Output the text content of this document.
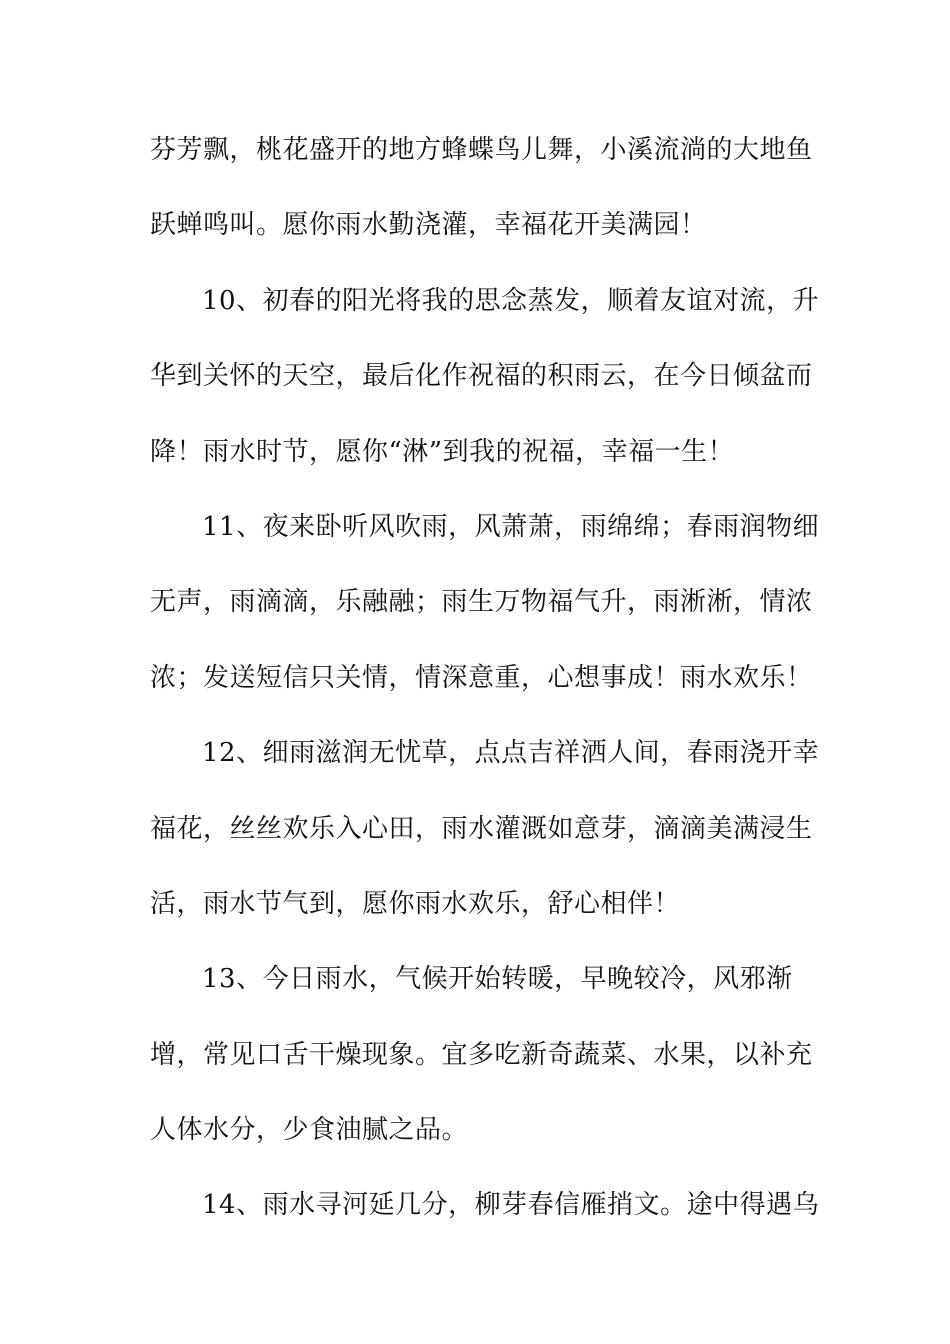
芬芳飘，桃花盛开的地方蜂蝶鸟儿舞，小溪流淌的大地鱼
跃蝉鸣叫。愿你雨水勤浇灌，幸福花开美满园！
10、初春的阳光将我的思念蒸发，顺着友谊对流，升
华到关怀的天空，最后化作祝福的积雨云，在今日倾盆而
降！雨水时节，愿你“淋”到我的祝福，幸福一生！
11、夜来卧听风吹雨，风萧萧，雨绵绵；春雨润物细
无声，雨滴滴，乐融融；雨生万物福气升，雨淅淅，情浓
浓；发送短信只关情，情深意重，心想事成！雨水欢乐！
12、细雨滋润无忧草，点点吉祥洒人间，春雨浇开幸
福花，丝丝欢乐入心田，雨水灌溉如意芽，滴滴美满浸生
活，雨水节气到，愿你雨水欢乐，舒心相伴！
13、今日雨水，气候开始转暖，早晚较冷，风邪渐
增，常见口舌干燥现象。宜多吃新奇蔬菜、水果，以补充
人体水分，少食油腻之品。
14、雨水寻河延几分，柳芽春信雁捎文。途中得遇乌
